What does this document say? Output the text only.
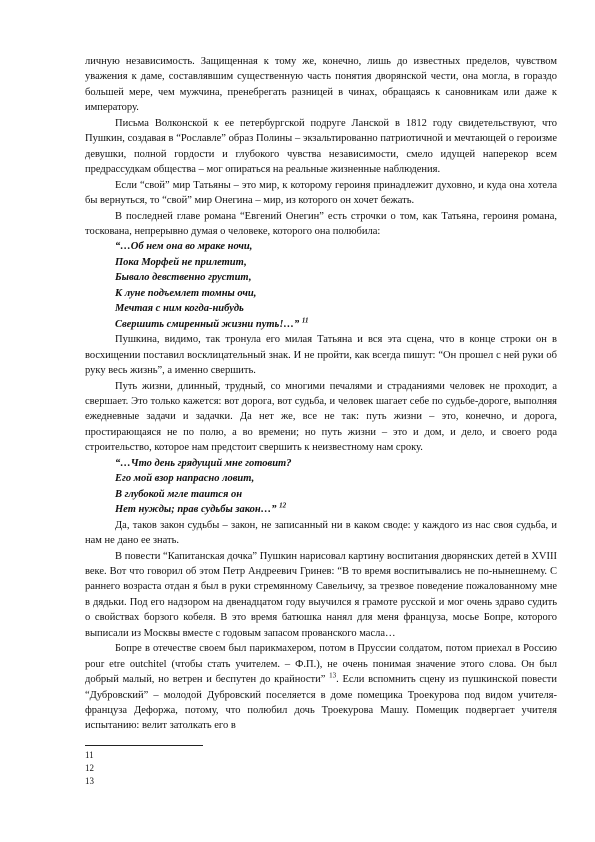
личную независимость. Защищенная к тому же, конечно, лишь до известных пределов, чувством уважения к даме, составлявшим существенную часть понятия дворянской чести, она могла, в гораздо большей мере, чем мужчина, пренебрегать разницей в чинах, обращаясь к сановникам или даже к императору.

Письма Волконской к ее петербургской подруге Ланской в 1812 году свидетельствуют, что Пушкин, создавая в “Рославле” образ Полины – экзальтированно патриотичной и мечтающей о героизме девушки, полной гордости и глубокого чувства независимости, смело идущей наперекор всем предрассудкам общества – мог опираться на реальные жизненные наблюдения.

Если “свой” мир Татьяны – это мир, к которому героиня принадлежит духовно, и куда она хотела бы вернуться, то “свой” мир Онегина – мир, из которого он хочет бежать.

В последней главе романа “Евгений Онегин” есть строчки о том, как Татьяна, героиня романа, тоскована, непрерывно думая о человеке, которого она полюбила:

“…Об нем она во мраке ночи,
Пока Морфей не прилетит,
Бывало девственно грустит,
К луне подъемлет томны очи,
Мечтая с ним когда-нибудь
Свершить смиренный жизни путь!…” $^{11}$

Пушкина, видимо, так тронула его милая Татьяна и вся эта сцена, что в конце строки он в восхищении поставил восклицательный знак. И не пройти, как всегда пишут: “Он прошел с ней руки об руку весь жизнь”, а именно свершить.

Путь жизни, длинный, трудный, со многими печалями и страданиями человек не проходит, а свершает. Это только кажется: вот дорога, вот судьба, и человек шагает себе по судьбе-дороге, выполняя ежедневные задачи и задачки. Да нет же, все не так: путь жизни – это, конечно, и дорога, простирающаяся не по полю, а во времени; но путь жизни – это и дом, и дело, и своего рода строительство, которое нам предстоит свершить к неизвестному нам сроку.

“…Что день грядущий мне готовит?
Его мой взор напрасно ловит,
В глубокой мгле таится он
Нет нужды; прав судьбы закон…” $^{12}$

Да, таков закон судьбы – закон, не записанный ни в каком своде: у каждого из нас своя судьба, и нам не дано ее знать.

В повести “Капитанская дочка” Пушкин нарисовал картину воспитания дворянских детей в XVIII веке. Вот что говорил об этом Петр Андреевич Гринев: “В то время воспитывались не по-нынешнему. С раннего возраста отдан я был в руки стремянному Савельичу, за трезвое поведение пожалованному мне в дядьки. Под его надзором на двенадцатом году выучился я грамоте русской и мог очень здраво судить о свойствах борзого кобеля. В это время батюшка нанял для меня француза, мосье Бопре, которого выписали из Москвы вместе с годовым запасом прованского масла…

Бопре в отечестве своем был парикмахером, потом в Пруссии солдатом, потом приехал в Россию pour etre outchitel (чтобы стать учителем. – Ф.П.), не очень понимая значение этого слова. Он был добрый малый, но ветрен и беспутен до крайности” $^{13}$. Если вспомнить сцену из пушкинской повести “Дубровский” – молодой Дубровский поселяется в доме помещика Троекурова под видом учителя-француза Дефоржа, потому, что полюбил дочь Троекурова Машу. Помещик подвергает учителя испытанию: велит затолкать его в

11
12
13
